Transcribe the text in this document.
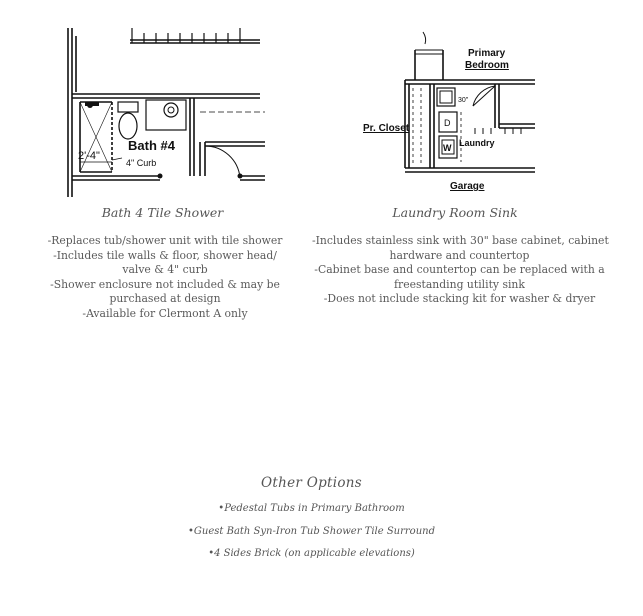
2'-4"
Bath #4
4" Curb
Primary
Bedroom
Pr. Closet
Laundry
Garage
30"
D
W
Bath 4 Tile Shower	Laundry Room Sink
-Replaces tub/shower unit with tile shower
-Includes tile walls & floor, shower head/
valve & 4" curb
-Shower enclosure not included & may be
purchased at design
-Available for Clermont A only
-Includes stainless sink with 30" base cabinet, cabinet
hardware and countertop
-Cabinet base and countertop can be replaced with a
freestanding utility sink
-Does not include stacking kit for washer & dryer
Other Options
•Pedestal Tubs in Primary Bathroom
•Guest Bath Syn-Iron Tub Shower Tile Surround
•4 Sides Brick (on applicable elevations)
